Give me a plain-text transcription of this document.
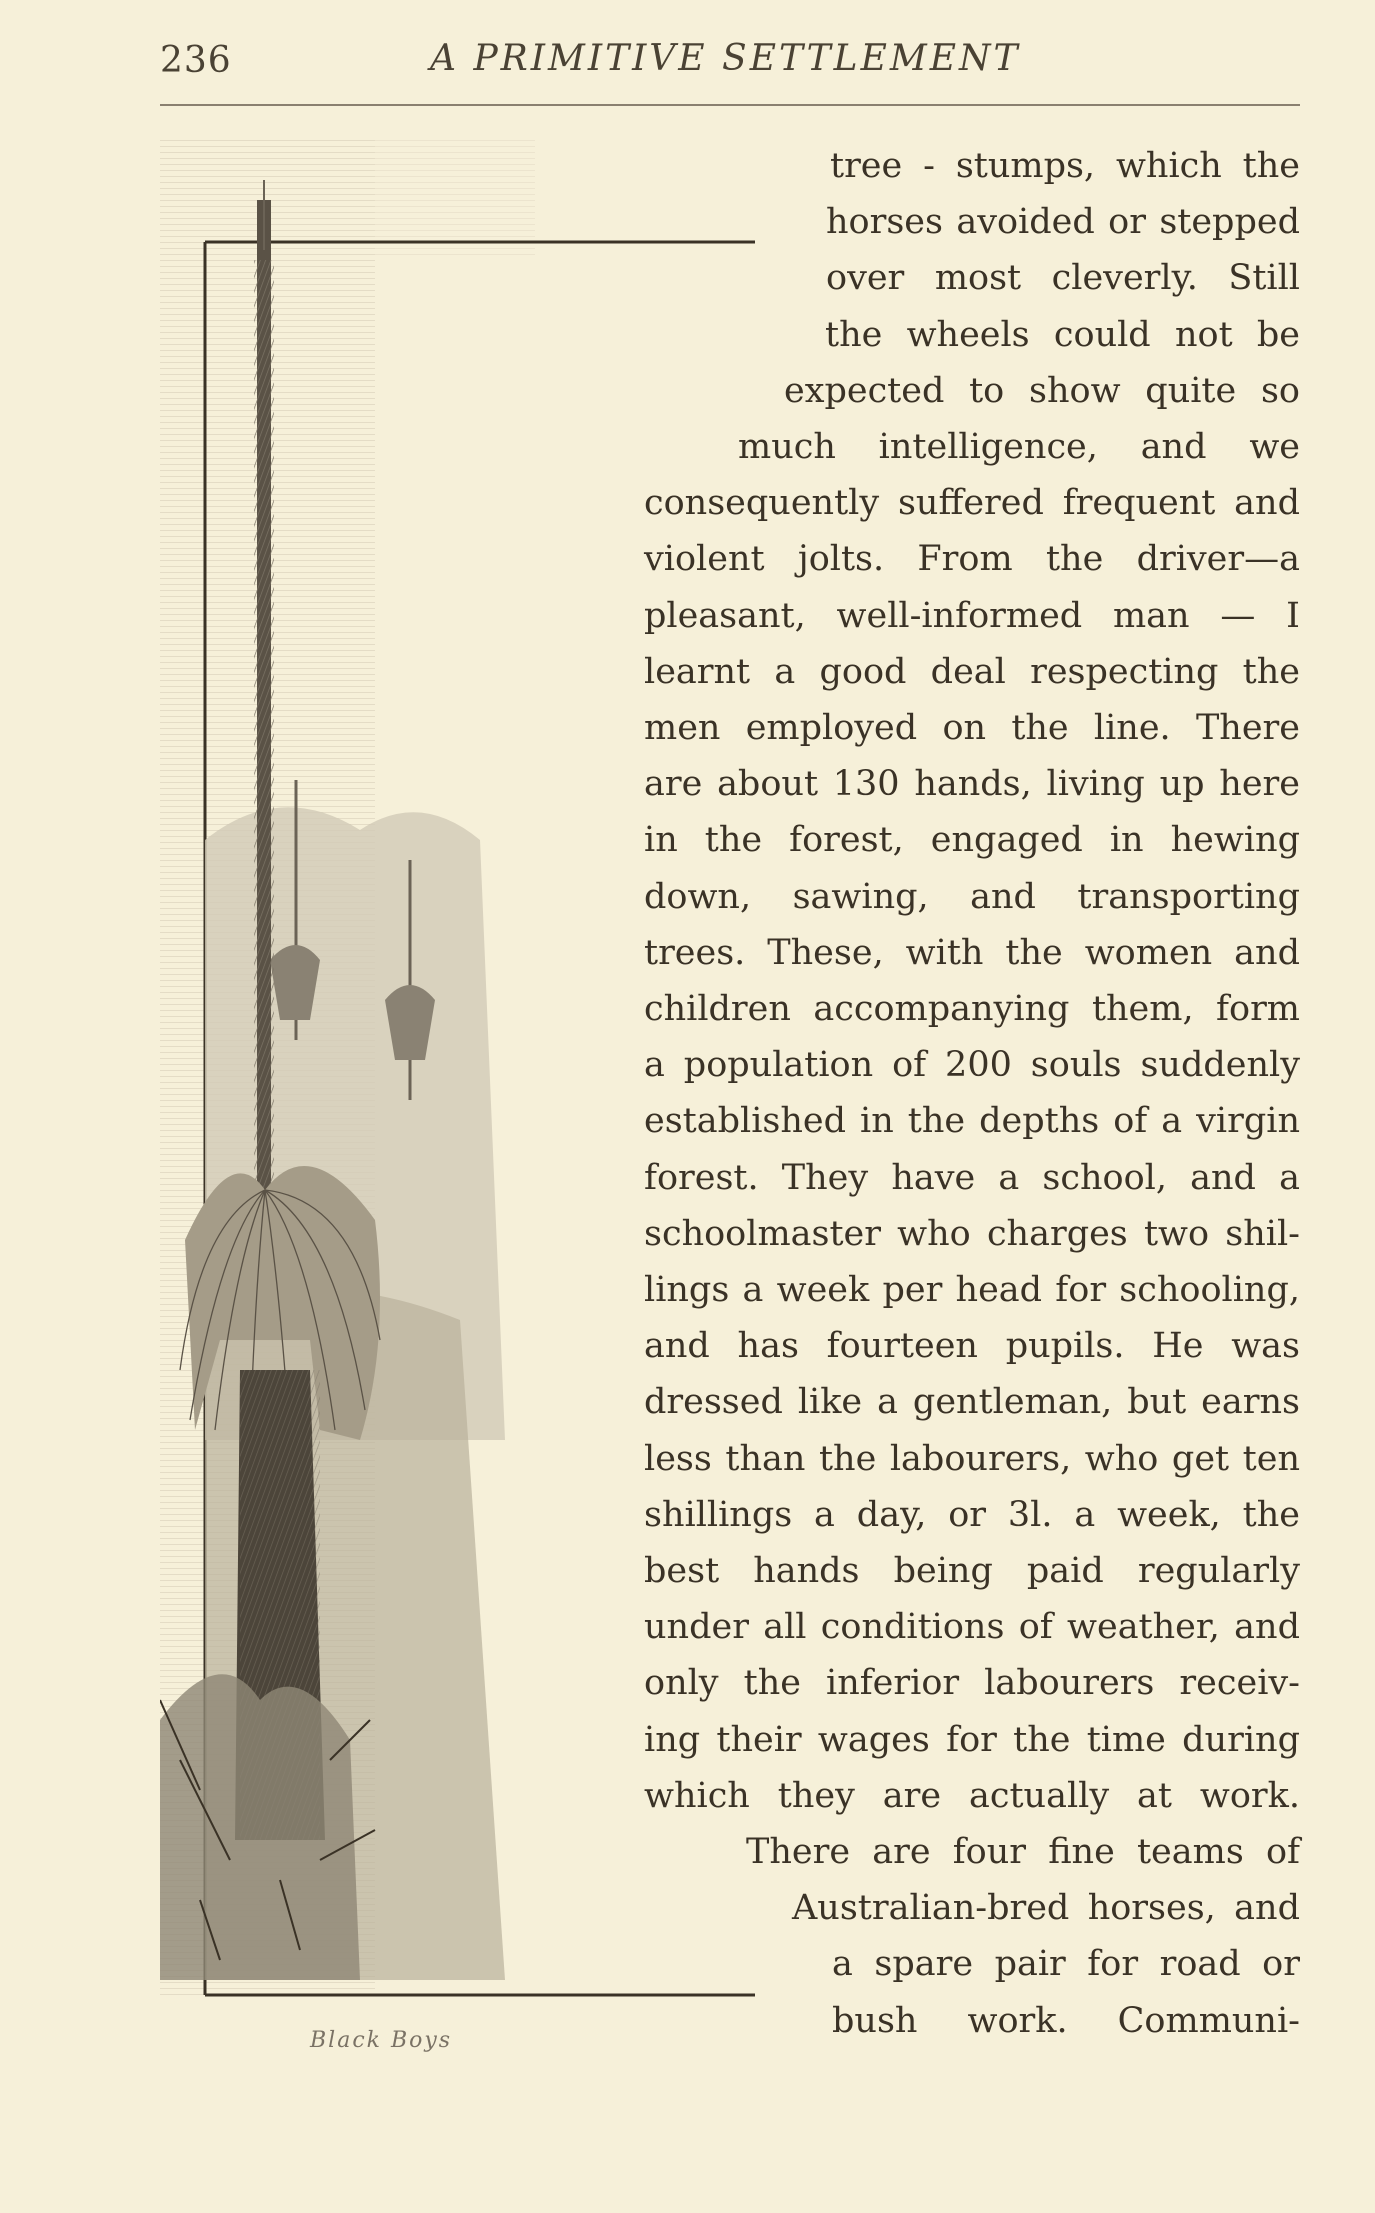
236	A PRIMITIVE SETTLEMENT
Black Boys
tree - stumps, which the
horses avoided or stepped
over most cleverly. Still
the wheels could not be
expected to show quite so
much intelligence, and we
consequently suffered frequent and
violent jolts. From the driver—a
pleasant, well-informed man — I
learnt a good deal respecting the
men employed on the line. There
are about 130 hands, living up here
in the forest, engaged in hewing
down, sawing, and transporting
trees. These, with the women and
children accompanying them, form
a population of 200 souls suddenly
established in the depths of a virgin
forest. They have a school, and a
schoolmaster who charges two shil-
lings a week per head for schooling,
and has fourteen pupils. He was
dressed like a gentleman, but earns
less than the labourers, who get ten
shillings a day, or 3l. a week, the
best hands being paid regularly
under all conditions of weather, and
only the inferior labourers receiv-
ing their wages for the time during
which they are actually at work.
There are four fine teams of
Australian-bred horses, and
a spare pair for road or
bush work. Communi-
